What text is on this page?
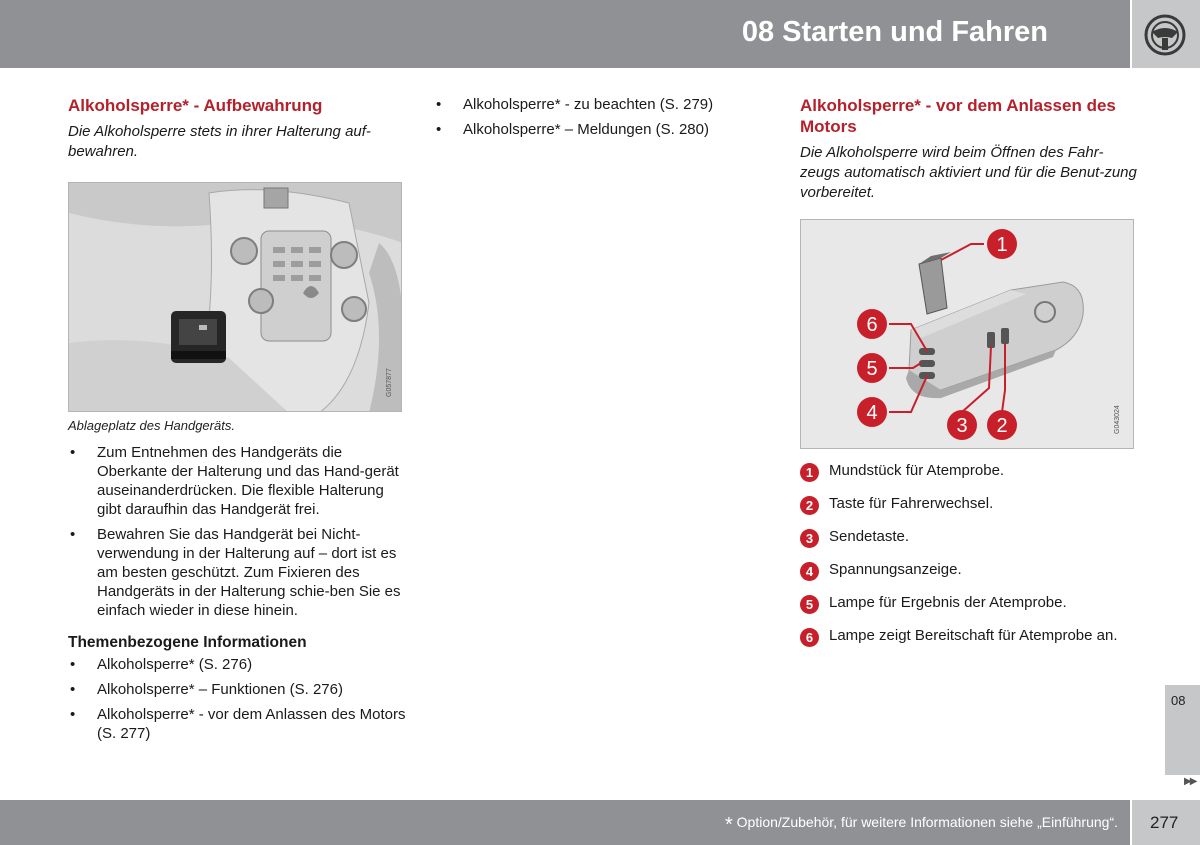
08 Starten und Fahren
Alkoholsperre* - Aufbewahrung

Die Alkoholsperre stets in ihrer Halterung auf-bewahren.

G057877

Ablageplatz des Handgeräts.

• Zum Entnehmen des Handgeräts die Oberkante der Halterung und das Hand-gerät auseinanderdrücken. Die flexible Halterung gibt daraufhin das Handgerät frei.
• Bewahren Sie das Handgerät bei Nicht-verwendung in der Halterung auf – dort ist es am besten geschützt. Zum Fixieren des Handgeräts in der Halterung schie-ben Sie es einfach wieder in diese hinein.
Themenbezogene Informationen
• Alkoholsperre* (S. 276)
• Alkoholsperre* – Funktionen (S. 276)
• Alkoholsperre* - vor dem Anlassen des Motors (S. 277)
• Alkoholsperre* - zu beachten (S. 279)
• Alkoholsperre* – Meldungen (S. 280)
Alkoholsperre* - vor dem Anlassen des Motors

Die Alkoholsperre wird beim Öffnen des Fahr-zeugs automatisch aktiviert und für die Benut-zung vorbereitet.

1
6
5
4
3 2	G043024
1	Mundstück für Atemprobe.
2	Taste für Fahrerwechsel.
3	Sendetaste.
4	Spannungsanzeige.
5	Lampe für Ergebnis der Atemprobe.
6	Lampe zeigt Bereitschaft für Atemprobe an.
08
▶▶
* Option/Zubehör, für weitere Informationen siehe „Einführung“. 277
